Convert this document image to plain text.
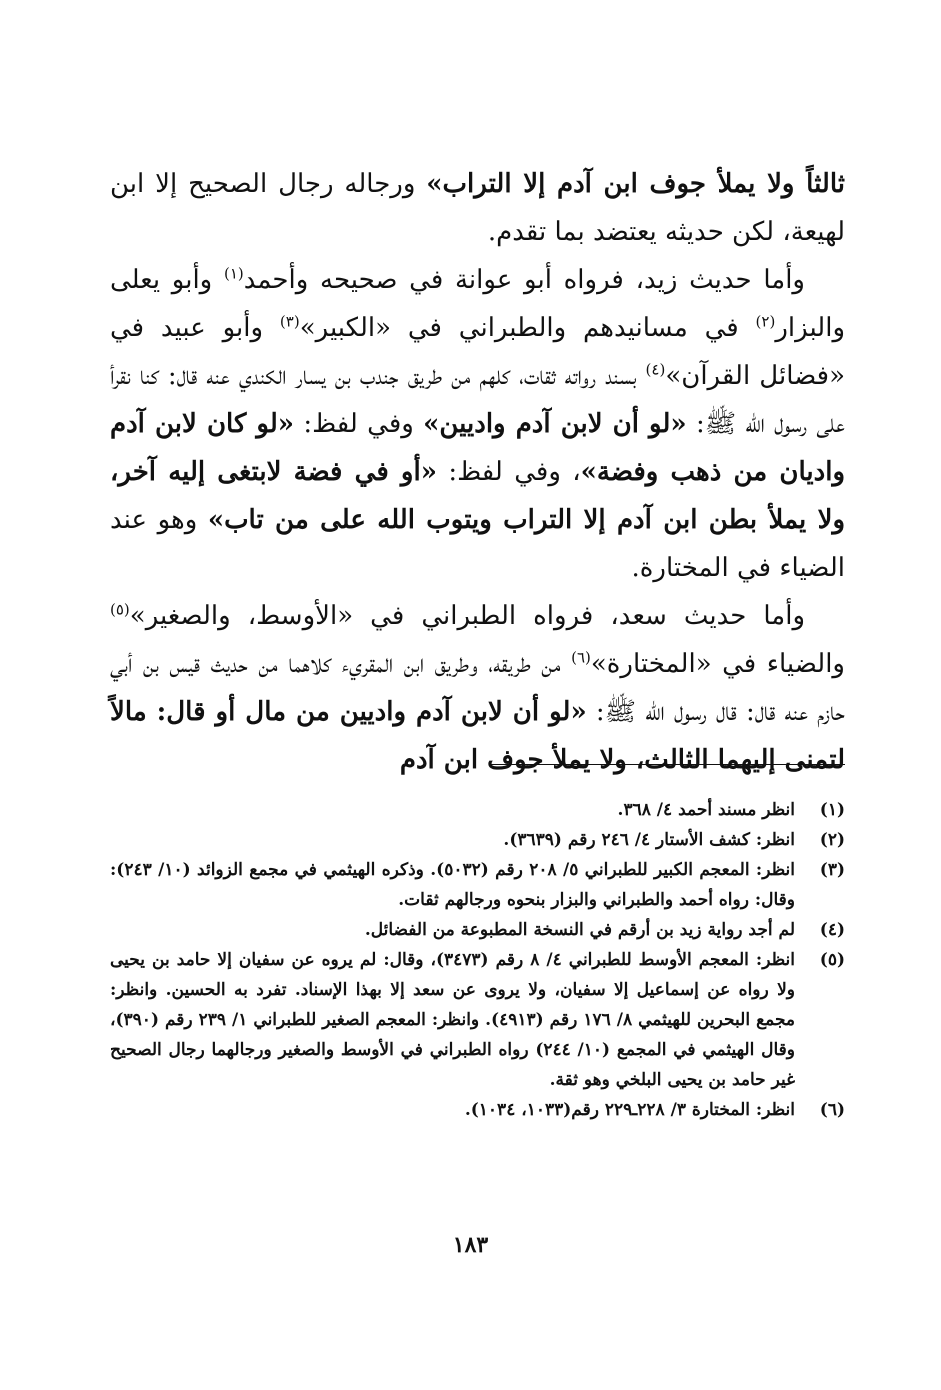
ثالثاً ولا يملأ جوف ابن آدم إلا التراب» ورجاله رجال الصحيح إلا ابن لهيعة، لكن حديثه يعتضد بما تقدم.

وأما حديث زيد، فرواه أبو عوانة في صحيحه وأحمد$^{(١)}$ وأبو يعلى والبزار$^{(٢)}$ في مسانيدهم والطبراني في «الكبير»$^{(٣)}$ وأبو عبيد في «فضائل القرآن»$^{(٤)}$ بسند رواته ثقات، كلهم من طريق جندب بن يسار الكندي عنه قال: كنا نقرأ على رسول الله ﷺ: «لو أن لابن آدم واديين» وفي لفظ: «لو كان لابن آدم واديان من ذهب وفضة»، وفي لفظ: «أو في فضة لابتغى إليه آخر، ولا يملأ بطن ابن آدم إلا التراب ويتوب الله على من تاب» وهو عند الضياء في المختارة.

وأما حديث سعد، فرواه الطبراني في «الأوسط، والصغير»$^{(٥)}$ والضياء في «المختارة»$^{(٦)}$ من طريقه، وطريق ابن المقريء كلاهما من حديث قيس بن أبي حازم عنه قال: قال رسول الله ﷺ: «لو أن لابن آدم واديين من مال أو قال: مالاً لتمنى إليهما الثالث، ولا يملأ جوف ابن آدم

(١)
انظر مسند أحمد ٤/ ٣٦٨.
(٢)
انظر: كشف الأستار ٤/ ٢٤٦ رقم (٣٦٣٩).
(٣)
انظر: المعجم الكبير للطبراني ٥/ ٢٠٨ رقم (٥٠٣٢). وذكره الهيثمي في مجمع الزوائد (١٠/ ٢٤٣): وقال: رواه أحمد والطبراني والبزار بنحوه ورجالهم ثقات.
(٤)
لم أجد رواية زيد بن أرقم في النسخة المطبوعة من الفضائل.
(٥)
انظر: المعجم الأوسط للطبراني ٤/ ٨ رقم (٣٤٧٣)، وقال: لم يروه عن سفيان إلا حامد بن يحيى ولا رواه عن إسماعيل إلا سفيان، ولا يروى عن سعد إلا بهذا الإسناد. تفرد به الحسين. وانظر: مجمع البحرين للهيثمي ٨/ ١٧٦ رقم (٤٩١٣). وانظر: المعجم الصغير للطبراني ١/ ٢٣٩ رقم (٣٩٠)، وقال الهيثمي في المجمع (١٠/ ٢٤٤) رواه الطبراني في الأوسط والصغير ورجالهما رجال الصحيح غير حامد بن يحيى البلخي وهو ثقة.
(٦)
انظر: المختارة ٣/ ٢٢٨ـ٢٢٩ رقم(١٠٣٣، ١٠٣٤).
١٨٣
